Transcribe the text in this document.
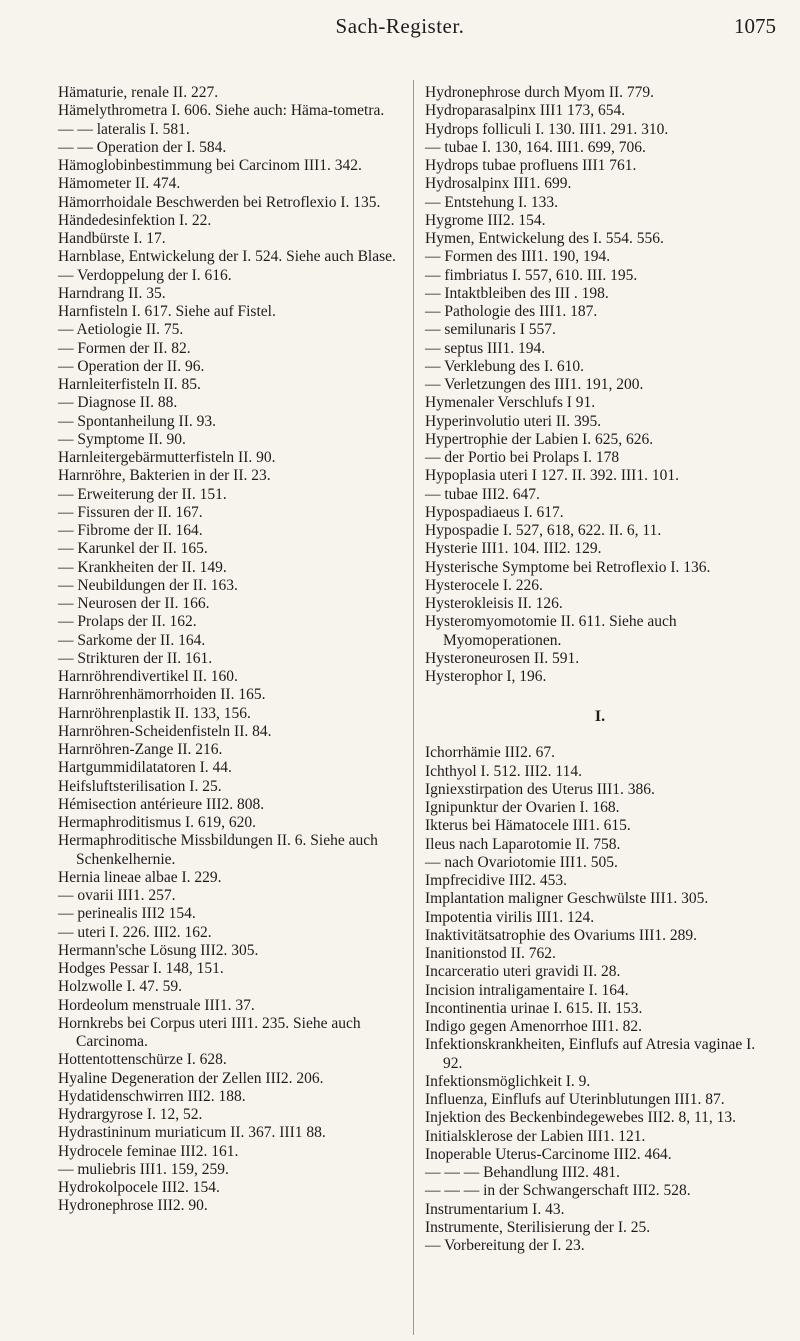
Sach-Register.	1075

Hämaturie, renale II. 227.

Hämelythrometra I. 606. Siehe auch: Häma-tometra.

— — lateralis I. 581.

— — Operation der I. 584.

Hämoglobinbestimmung bei Carcinom III1. 342.

Hämometer II. 474.

Hämorrhoidale Beschwerden bei Retroflexio I. 135.

Händedesinfektion I. 22.

Handbürste I. 17.

Harnblase, Entwickelung der I. 524. Siehe auch Blase.

— Verdoppelung der I. 616.

Harndrang II. 35.

Harnfisteln I. 617. Siehe auf Fistel.

— Aetiologie II. 75.

— Formen der II. 82.

— Operation der II. 96.

Harnleiterfisteln II. 85.

— Diagnose II. 88.

— Spontanheilung II. 93.

— Symptome II. 90.

Harnleitergebärmutterfisteln II. 90.

Harnröhre, Bakterien in der II. 23.

— Erweiterung der II. 151.

— Fissuren der II. 167.

— Fibrome der II. 164.

— Karunkel der II. 165.

— Krankheiten der II. 149.

— Neubildungen der II. 163.

— Neurosen der II. 166.

— Prolaps der II. 162.

— Sarkome der II. 164.

— Strikturen der II. 161.

Harnröhrendivertikel II. 160.

Harnröhrenhämorrhoiden II. 165.

Harnröhrenplastik II. 133, 156.

Harnröhren-Scheidenfisteln II. 84.

Harnröhren-Zange II. 216.

Hartgummidilatatoren I. 44.

Heifsluftsterilisation I. 25.

Hémisection antérieure III2. 808.

Hermaphroditismus I. 619, 620.

Hermaphroditische Missbildungen II. 6. Siehe auch Schenkelhernie.

Hernia lineae albae I. 229.

— ovarii III1. 257.

— perinealis III2 154.

— uteri I. 226. III2. 162.

Hermann'sche Lösung III2. 305.

Hodges Pessar I. 148, 151.

Holzwolle I. 47. 59.

Hordeolum menstruale III1. 37.

Hornkrebs bei Corpus uteri III1. 235. Siehe auch Carcinoma.

Hottentottenschürze I. 628.

Hyaline Degeneration der Zellen III2. 206.

Hydatidenschwirren III2. 188.

Hydrargyrose I. 12, 52.

Hydrastininum muriaticum II. 367. III1 88.

Hydrocele feminae III2. 161.

— muliebris III1. 159, 259.

Hydrokolpocele III2. 154.

Hydronephrose III2. 90.

Hydronephrose durch Myom II. 779.

Hydroparasalpinx III1 173, 654.

Hydrops folliculi I. 130. III1. 291. 310.

— tubae I. 130, 164. III1. 699, 706.

Hydrops tubae profluens III1 761.

Hydrosalpinx III1. 699.

— Entstehung I. 133.

Hygrome III2. 154.

Hymen, Entwickelung des I. 554. 556.

— Formen des III1. 190, 194.

— fimbriatus I. 557, 610. III. 195.

— Intaktbleiben des III . 198.

— Pathologie des III1. 187.

— semilunaris I 557.

— septus III1. 194.

— Verklebung des I. 610.

— Verletzungen des III1. 191, 200.

Hymenaler Verschlufs I 91.

Hyperinvolutio uteri II. 395.

Hypertrophie der Labien I. 625, 626.

— der Portio bei Prolaps I. 178

Hypoplasia uteri I 127. II. 392. III1. 101.

— tubae III2. 647.

Hypospadiaeus I. 617.

Hypospadie I. 527, 618, 622. II. 6, 11.

Hysterie III1. 104. III2. 129.

Hysterische Symptome bei Retroflexio I. 136.

Hysterocele I. 226.

Hysterokleisis II. 126.

Hysteromyomotomie II. 611. Siehe auch Myomoperationen.

Hysteroneurosen II. 591.

Hysterophor I, 196.

I.

Ichorrhämie III2. 67.

Ichthyol I. 512. III2. 114.

Igniexstirpation des Uterus III1. 386.

Ignipunktur der Ovarien I. 168.

Ikterus bei Hämatocele III1. 615.

Ileus nach Laparotomie II. 758.

— nach Ovariotomie III1. 505.

Impfrecidive III2. 453.

Implantation maligner Geschwülste III1. 305.

Impotentia virilis III1. 124.

Inaktivitätsatrophie des Ovariums III1. 289.

Inanitionstod II. 762.

Incarceratio uteri gravidi II. 28.

Incision intraligamentaire I. 164.

Incontinentia urinae I. 615. II. 153.

Indigo gegen Amenorrhoe III1. 82.

Infektionskrankheiten, Einflufs auf Atresia vaginae I. 92.

Infektionsmöglichkeit I. 9.

Influenza, Einflufs auf Uterinblutungen III1. 87.

Injektion des Beckenbindegewebes III2. 8, 11, 13.

Initialsklerose der Labien III1. 121.

Inoperable Uterus-Carcinome III2. 464.

— — — Behandlung III2. 481.

— — — in der Schwangerschaft III2. 528.

Instrumentarium I. 43.

Instrumente, Sterilisierung der I. 25.

— Vorbereitung der I. 23.
